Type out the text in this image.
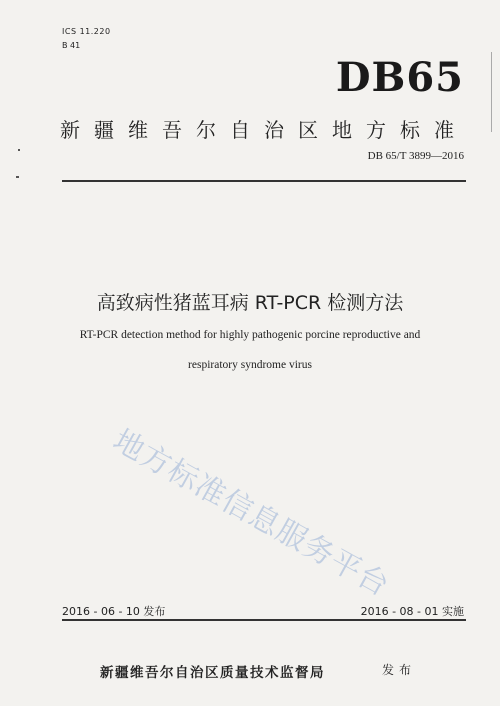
ICS 11.220
B 41
DB65
新疆维吾尔自治区地方标准
DB 65/T 3899—2016
高致病性猪蓝耳病 RT-PCR 检测方法
RT-PCR detection method for highly pathogenic porcine reproductive and
respiratory syndrome virus
地方标准信息服务平台
2016 - 06 - 10 发布	2016 - 08 - 01 实施
新疆维吾尔自治区质量技术监督局	发布
